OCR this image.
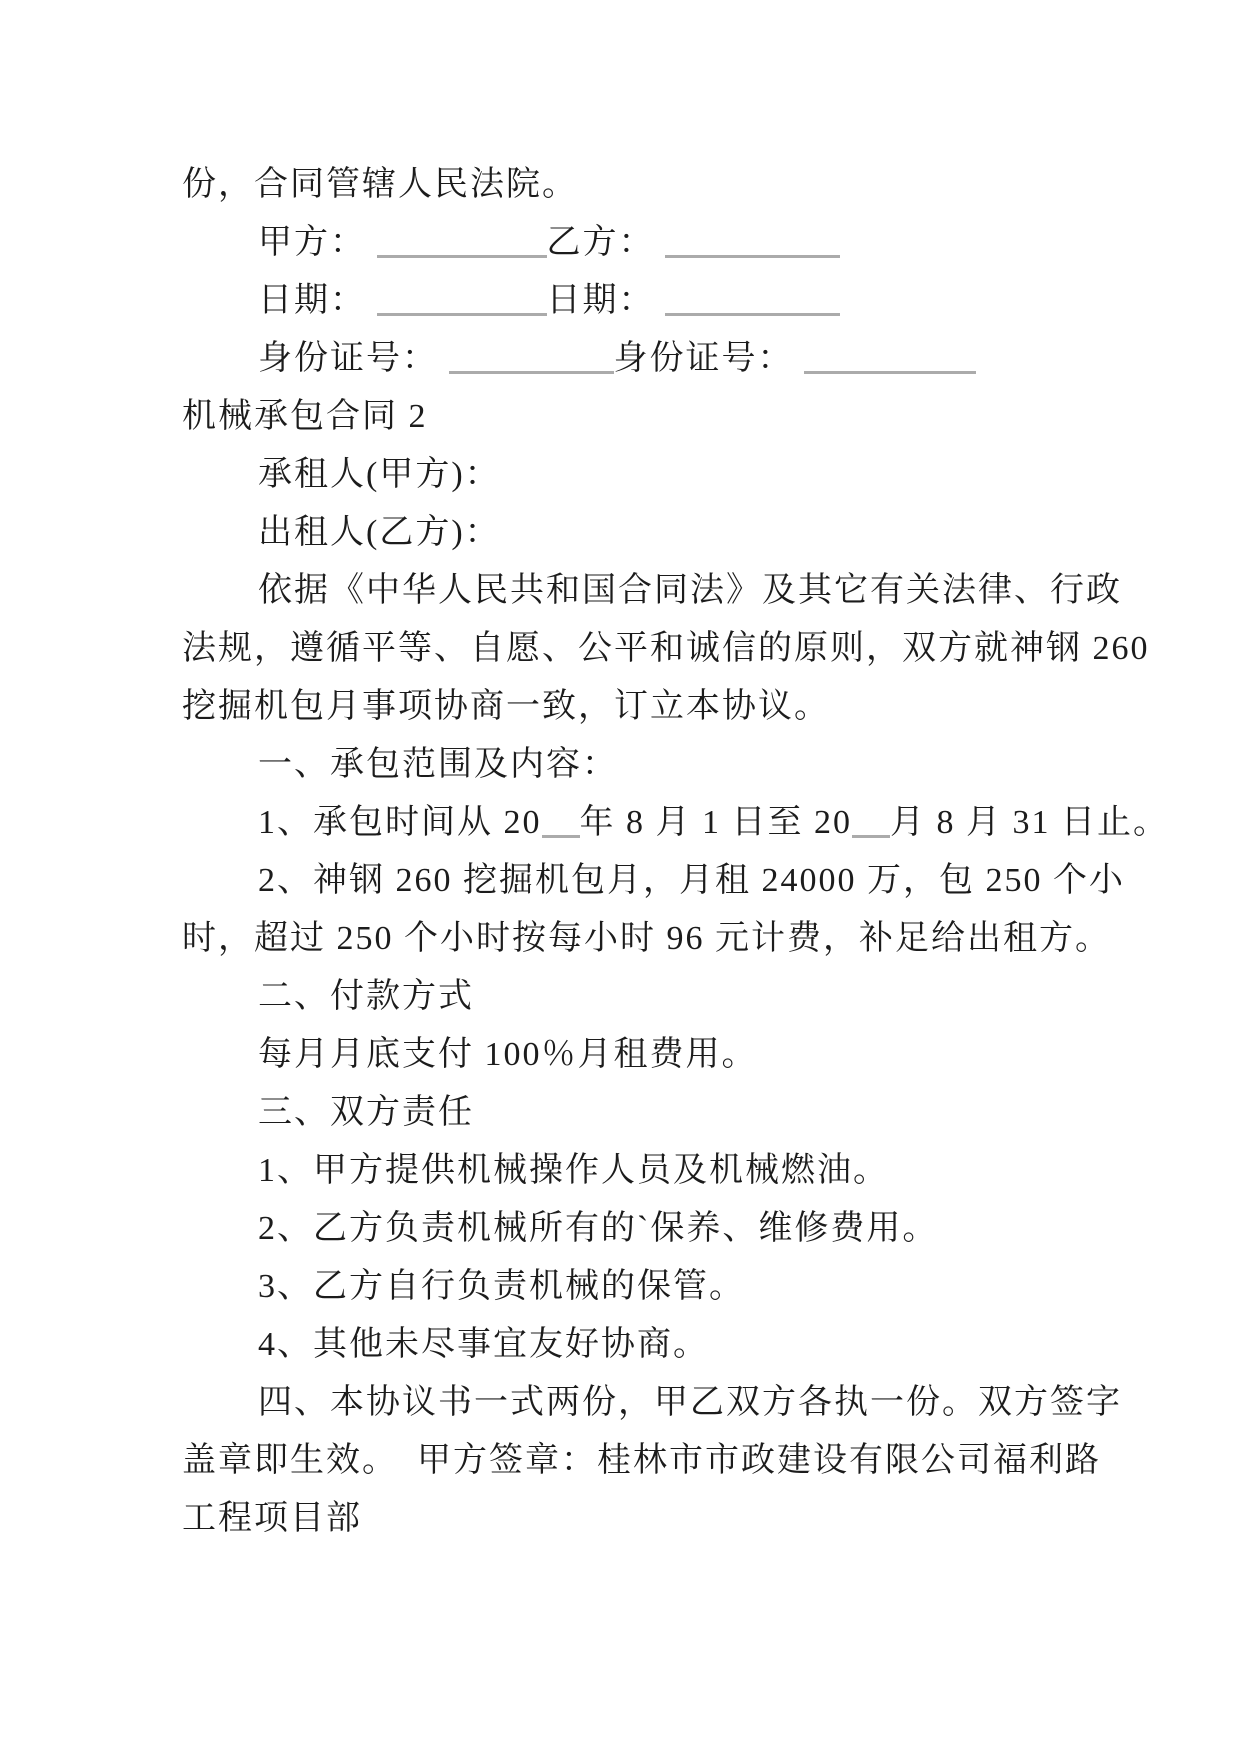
份，合同管辖人民法院。
甲方：	乙方：
日期：	日期：
身份证号：	身份证号：
机械承包合同 2
承租人(甲方)：
出租人(乙方)：
依据《中华人民共和国合同法》及其它有关法律、行政
法规，遵循平等、自愿、公平和诚信的原则，双方就神钢 260
挖掘机包月事项协商一致，订立本协议。
一、承包范围及内容：
1、承包时间从 20 年 8 月 1 日至 20 月 8 月 31 日止。
2、神钢 260 挖掘机包月，月租 24000 万，包 250 个小
时，超过 250 个小时按每小时 96 元计费，补足给出租方。
二、付款方式
每月月底支付 100％月租费用。
三、双方责任
1、甲方提供机械操作人员及机械燃油。
2、乙方负责机械所有的`保养、维修费用。
3、乙方自行负责机械的保管。
4、其他未尽事宜友好协商。
四、本协议书一式两份，甲乙双方各执一份。双方签字
盖章即生效。　甲方签章：桂林市市政建设有限公司福利路
工程项目部
